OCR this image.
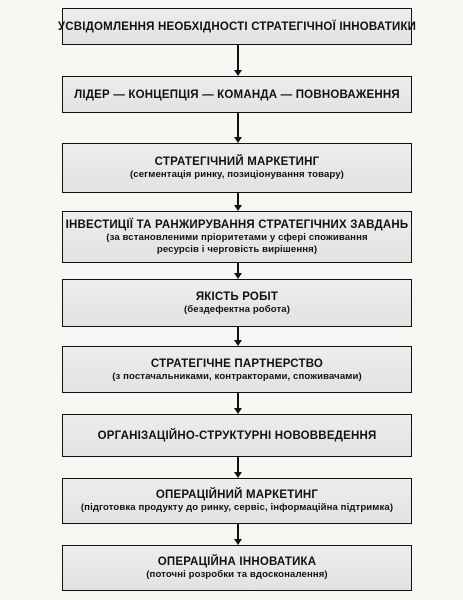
УСВІДОМЛЕННЯ НЕОБХІДНОСТІ СТРАТЕГІЧНОЇ ІННОВАТИКИ
ЛІДЕР — КОНЦЕПЦІЯ — КОМАНДА — ПОВНОВАЖЕННЯ
СТРАТЕГІЧНИЙ МАРКЕТИНГ
(сегментація ринку, позиціонування товару)
ІНВЕСТИЦІЇ ТА РАНЖИРУВАННЯ СТРАТЕГІЧНИХ ЗАВДАНЬ
(за встановленими пріоритетами у сфері споживання ресурсів і черговість вирішення)
ЯКІСТЬ РОБІТ
(бездефектна робота)
СТРАТЕГІЧНЕ ПАРТНЕРСТВО
(з постачальниками, контракторами, споживачами)
ОРГАНІЗАЦІЙНО-СТРУКТУРНІ НОВОВВЕДЕННЯ
ОПЕРАЦІЙНИЙ МАРКЕТИНГ
(підготовка продукту до ринку, сервіс, інформаційна підтримка)
ОПЕРАЦІЙНА ІННОВАТИКА
(поточні розробки та вдосконалення)
